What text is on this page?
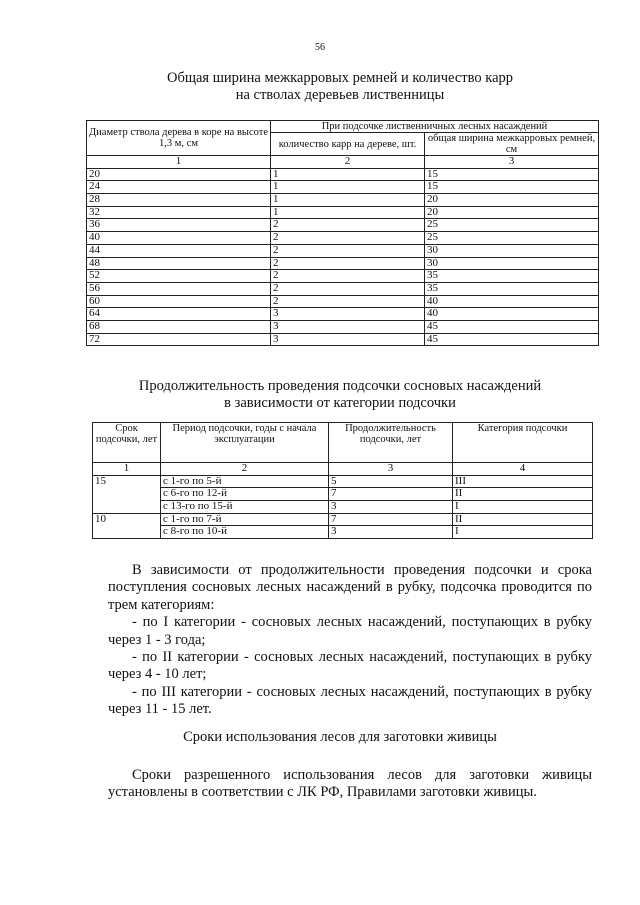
56
Общая ширина межкарровых ремней и количество карр
на стволах деревьев лиственницы
Диаметр ствола дерева в коре на высоте 1,3 м, см	При подсочке лиственничных лесных насаждений	
	количество карр на дереве, шт.	общая ширина межкарровых ремней, см
1	2	3
20	1	15
24	1	15
28	1	20
32	1	20
36	2	25
40	2	25
44	2	30
48	2	30
52	2	35
56	2	35
60	2	40
64	3	40
68	3	45
72	3	45
Продолжительность проведения подсочки сосновых насаждений
в зависимости от категории подсочки
Срок подсочки, лет	Период подсочки, годы с начала эксплуатации	Продолжительность подсочки, лет	Категория подсочки
1	2	3	4
15	с 1-го по 5-й	5	III
	с 6-го по 12-й	7	II
	с 13-го по 15-й	3	I
10	с 1-го по 7-й	7	II
	с 8-го по 10-й	3	I

В зависимости от продолжительности проведения подсочки и срока поступления сосновых лесных насаждений в рубку, подсочка проводится по трем категориям:

- по I категории - сосновых лесных насаждений, поступающих в рубку через 1 - 3 года;

- по II категории - сосновых лесных насаждений, поступающих в рубку через 4 - 10 лет;

- по III категории - сосновых лесных насаждений, поступающих в рубку через 11 - 15 лет.

Сроки использования лесов для заготовки живицы

Сроки разрешенного использования лесов для заготовки живицы установлены в соответствии с ЛК РФ, Правилами заготовки живицы.
